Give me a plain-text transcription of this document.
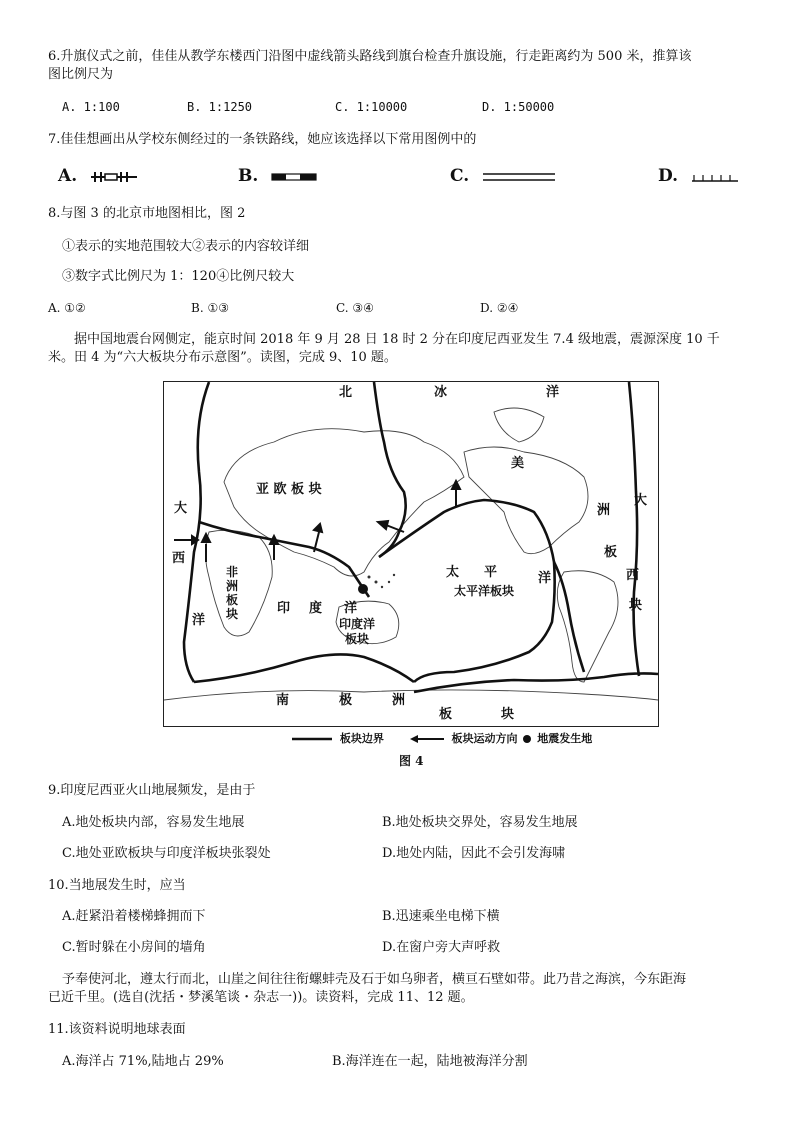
6.升旗仪式之前，佳佳从教学东楼西门沿图中虚线箭头路线到旗台检查升旗设施，行走距离约为 500 米，推算该
图比例尺为
A. 1:100	B. 1:1250	C. 1:10000	D. 1:50000
7.佳佳想画出从学校东侧经过的一条铁路线，她应该选择以下常用图例中的
A.	B.	C.	D.
8.与图 3 的北京市地图相比，图 2
①表示的实地范围较大②表示的内容较详细
③数字式比例尺为 1：120④比例尺较大
A. ①②	B. ①③	C. ③④	D. ②④
据中国地震台网侧定，能京时间 2018 年 9 月 28 日 18 时 2 分在印度尼西亚发生 7.4 级地震，震源深度 10 千
米。田 4 为“六大板块分布示意图”。读图，完成 9、10 题。
北	冰	洋
大
西
洋
亚 欧 板 块
非
洲
板
块	印 度 洋
印度洋
板块
太 平	洋
太平洋板块
美
洲
板
块
大
西
南	极	洲
板	块
板块边界	板块运动方向 地震发生地
图 4
9.印度尼西亚火山地展频发，是由于
A.地处板块内部，容易发生地展	B.地处板块交界处，容易发生地展
C.地处亚欧板块与印度洋板块张裂处	D.地处内陆，因此不会引发海啸
10.当地展发生时，应当
A.赶紧沿着楼梯蜂拥而下	B.迅速乘坐电梯下横
C.暂时躲在小房间的墙角	D.在窗户旁大声呼救
予奉使河北，遵太行而北，山崖之间往往衔螺蚌壳及石于如乌卵者，横亘石壁如带。此乃昔之海滨，今东距海
已近千里。(选自(沈括・梦溪笔谈・杂志一))。读资料，完成 11、12 题。
11.该资料说明地球表面
A.海洋占 71%,陆地占 29%	B.海洋连在一起，陆地被海洋分割
